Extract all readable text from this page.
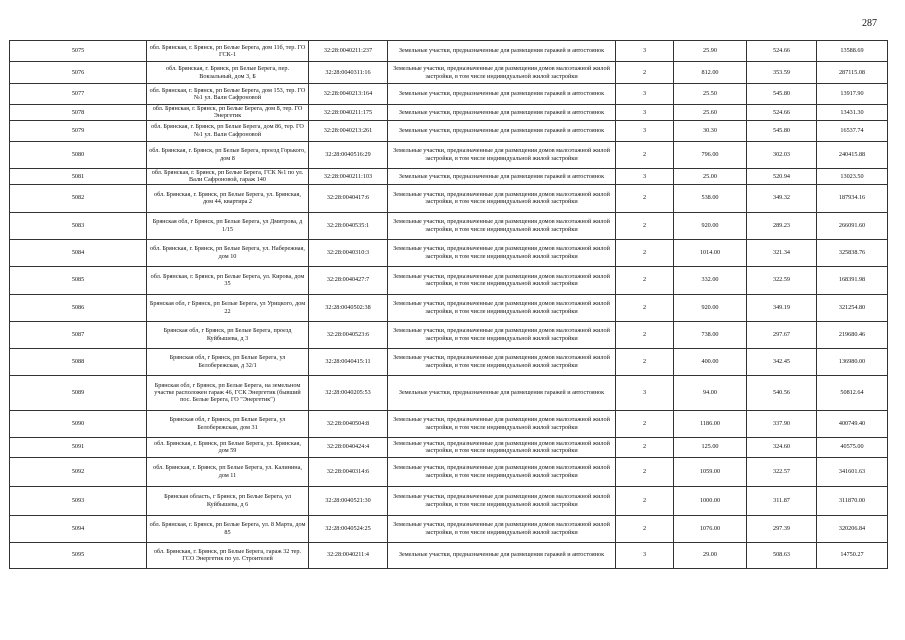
287
5075	обл. Брянская, г. Брянск, рп Белые Берега, дом 11б, тер. ГО ГСК-1	32:28:0040211:237	Земельные участки, предназначенные для размещения гаражей и автостоянок	3	25.90	524.66	13588.69
5076	обл. Брянская, г. Брянск, рп Белые Берега, пер. Вокзальный, дом 3, Б	32:28:0040311:16	Земельные участки, предназначенные для размещения домов малоэтажной жилой застройки, в том числе индивидуальной жилой застройки	2	812.00	353.59	287115.08
5077	обл. Брянская, г. Брянск, рп Белые Берега, дом 153, тер. ГО №1 ул. Вали Сафроновой	32:28:0040213:164	Земельные участки, предназначенные для размещения гаражей и автостоянок	3	25.50	545.80	13917.90
5078	обл. Брянская, г. Брянск, рп Белые Берега, дом 8, тер. ГО Энергетик	32:28:0040211:175	Земельные участки, предназначенные для размещения гаражей и автостоянок	3	25.60	524.66	13431.30
5079	обл. Брянская, г. Брянск, рп Белые Берега, дом 86, тер. ГО №1 ул. Вали Сафроновой	32:28:0040213:261	Земельные участки, предназначенные для размещения гаражей и автостоянок	3	30.30	545.80	16537.74
5080	обл. Брянская, г. Брянск, рп Белые Берега, проезд Горького, дом 8	32:28:0040516:29	Земельные участки, предназначенные для размещения домов малоэтажной жилой застройки, в том числе индивидуальной жилой застройки	2	796.00	302.03	240415.88
5081	обл. Брянская, г. Брянск, рп Белые Берега, ГСК №1 по ул. Вали Сафроновой, гараж 140	32:28:0040211:103	Земельные участки, предназначенные для размещения гаражей и автостоянок	3	25.00	520.94	13023.50
5082	обл. Брянская, г. Брянск, рп Белые Берега, ул. Брянская, дом 44, квартира 2	32:28:0040417:6	Земельные участки, предназначенные для размещения домов малоэтажной жилой застройки, в том числе индивидуальной жилой застройки	2	538.00	349.32	187934.16
5083	Брянская обл, г Брянск, рп Белые Берега, ул Дмитрова, д 1/15	32:28:0040535:1	Земельные участки, предназначенные для размещения домов малоэтажной жилой застройки, в том числе индивидуальной жилой застройки	2	920.00	289.23	266091.60
5084	обл. Брянская, г. Брянск, рп Белые Берега, ул. Набережная, дом 10	32:28:0040310:3	Земельные участки, предназначенные для размещения домов малоэтажной жилой застройки, в том числе индивидуальной жилой застройки	2	1014.00	321.34	325838.76
5085	обл. Брянская, г. Брянск, рп Белые Берега, ул. Кирова, дом 35	32:28:0040427:7	Земельные участки, предназначенные для размещения домов малоэтажной жилой застройки, в том числе индивидуальной жилой застройки	2	332.00	322.59	168391.98
5086	Брянская обл, г Брянск, рп Белые Берега, ул Урицкого, дом 22	32:28:0040502:38	Земельные участки, предназначенные для размещения домов малоэтажной жилой застройки, в том числе индивидуальной жилой застройки	2	920.00	349.19	321254.80
5087	Брянская обл, г Брянск, рп Белые Берега, проезд Куйбышева, д 3	32:28:0040523:6	Земельные участки, предназначенные для размещения домов малоэтажной жилой застройки, в том числе индивидуальной жилой застройки	2	738.00	297.67	219680.46
5088	Брянская обл, г Брянск, рп Белые Берега, ул Белобережская, д 32/1	32:28:0040415:11	Земельные участки, предназначенные для размещения домов малоэтажной жилой застройки, в том числе индивидуальной жилой застройки	2	400.00	342.45	136980.00
5089	Брянская обл, г Брянск, рп Белые Берега, на земельном участке расположен гараж 46, ГСК Энергетик (бывший пос. Белые Берега, ГО "Энергетик")	32:28:0040205:53	Земельные участки, предназначенные для размещения гаражей и автостоянок	3	94.00	540.56	50812.64
5090	Брянская обл, г Брянск, рп Белые Берега, ул Белобережская, дом 31	32:28:0040504:8	Земельные участки, предназначенные для размещения домов малоэтажной жилой застройки, в том числе индивидуальной жилой застройки	2	1186.00	337.90	400749.40
5091	обл. Брянская, г. Брянск, рп Белые Берега, ул. Брянская, дом 59	32:28:0040424:4	Земельные участки, предназначенные для размещения домов малоэтажной жилой застройки, в том числе индивидуальной жилой застройки	2	125.00	324.60	40575.00
5092	обл. Брянская, г. Брянск, рп Белые Берега, ул. Калинина, дом 11	32:28:0040314:6	Земельные участки, предназначенные для размещения домов малоэтажной жилой застройки, в том числе индивидуальной жилой застройки	2	1059.00	322.57	341601.63
5093	Брянская область, г Брянск, рп Белые Берега, ул Куйбышева, д 6	32:28:0040521:30	Земельные участки, предназначенные для размещения домов малоэтажной жилой застройки, в том числе индивидуальной жилой застройки	2	1000.00	311.87	311870.00
5094	обл. Брянская, г. Брянск, рп Белые Берега, ул. 8 Марта, дом 85	32:28:0040524:25	Земельные участки, предназначенные для размещения домов малоэтажной жилой застройки, в том числе индивидуальной жилой застройки	2	1076.00	297.39	320206.84
5095	обл. Брянская, г. Брянск, рп Белые Берега, гараж 32 тер. ГСО Энергетик по ул. Строителей	32:28:0040211:4	Земельные участки, предназначенные для размещения гаражей и автостоянок	3	29.00	508.63	14750.27
